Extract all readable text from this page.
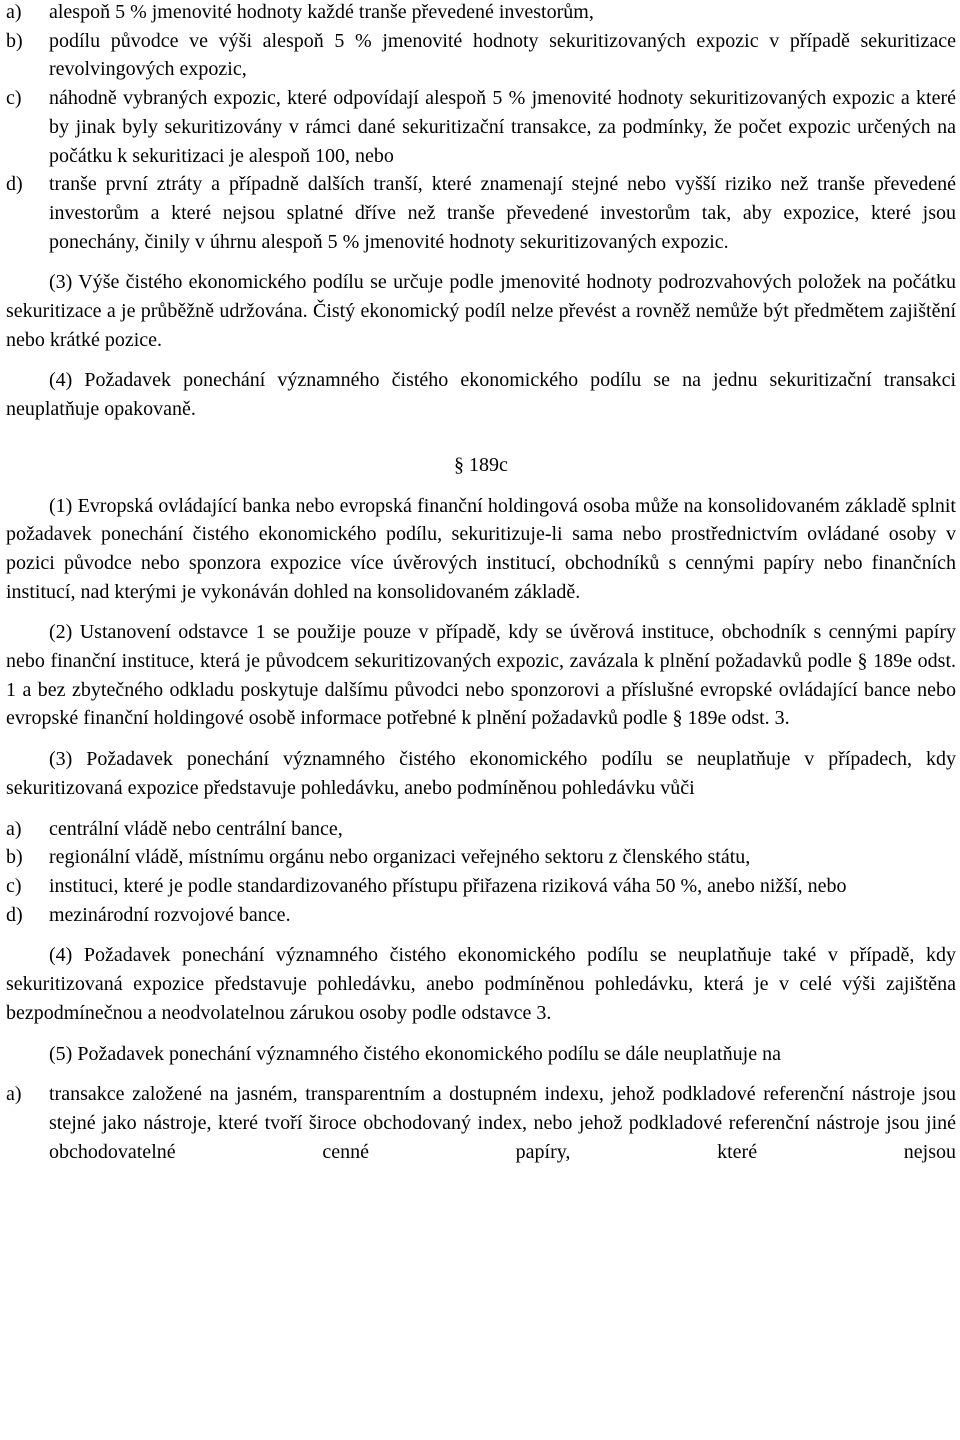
a) alespoň 5 % jmenovité hodnoty každé tranše převedené investorům,
b) podílu původce ve výši alespoň 5 % jmenovité hodnoty sekuritizovaných expozic v případě sekuritizace revolvingových expozic,
c) náhodně vybraných expozic, které odpovídají alespoň 5 % jmenovité hodnoty sekuritizovaných expozic a které by jinak byly sekuritizovány v rámci dané sekuritizační transakce, za podmínky, že počet expozic určených na počátku k sekuritizaci je alespoň 100, nebo
d) tranše první ztráty a případně dalších tranší, které znamenají stejné nebo vyšší riziko než tranše převedené investorům a které nejsou splatné dříve než tranše převedené investorům tak, aby expozice, které jsou ponechány, činily v úhrnu alespoň 5 % jmenovité hodnoty sekuritizovaných expozic.

(3) Výše čistého ekonomického podílu se určuje podle jmenovité hodnoty podrozvahových položek na počátku sekuritizace a je průběžně udržována. Čistý ekonomický podíl nelze převést a rovněž nemůže být předmětem zajištění nebo krátké pozice.

(4) Požadavek ponechání významného čistého ekonomického podílu se na jednu sekuritizační transakci neuplatňuje opakovaně.

§ 189c

(1) Evropská ovládající banka nebo evropská finanční holdingová osoba může na konsolidovaném základě splnit požadavek ponechání čistého ekonomického podílu, sekuritizuje-li sama nebo prostřednictvím ovládané osoby v pozici původce nebo sponzora expozice více úvěrových institucí, obchodníků s cennými papíry nebo finančních institucí, nad kterými je vykonáván dohled na konsolidovaném základě.

(2) Ustanovení odstavce 1 se použije pouze v případě, kdy se úvěrová instituce, obchodník s cennými papíry nebo finanční instituce, která je původcem sekuritizovaných expozic, zavázala k plnění požadavků podle § 189e odst. 1 a bez zbytečného odkladu poskytuje dalšímu původci nebo sponzorovi a příslušné evropské ovládající bance nebo evropské finanční holdingové osobě informace potřebné k plnění požadavků podle § 189e odst. 3.

(3) Požadavek ponechání významného čistého ekonomického podílu se neuplatňuje v případech, kdy sekuritizovaná expozice představuje pohledávku, anebo podmíněnou pohledávku vůči

a) centrální vládě nebo centrální bance,
b) regionální vládě, místnímu orgánu nebo organizaci veřejného sektoru z členského státu,
c) instituci, které je podle standardizovaného přístupu přiřazena riziková váha 50 %, anebo nižší, nebo
d) mezinárodní rozvojové bance.

(4) Požadavek ponechání významného čistého ekonomického podílu se neuplatňuje také v případě, kdy sekuritizovaná expozice představuje pohledávku, anebo podmíněnou pohledávku, která je v celé výši zajištěna bezpodmínečnou a neodvolatelnou zárukou osoby podle odstavce 3.

(5) Požadavek ponechání významného čistého ekonomického podílu se dále neuplatňuje na

a) transakce založené na jasném, transparentním a dostupném indexu, jehož podkladové referenční nástroje jsou stejné jako nástroje, které tvoří široce obchodovaný index, nebo jehož podkladové referenční nástroje jsou jiné obchodovatelné cenné papíry, které nejsou
